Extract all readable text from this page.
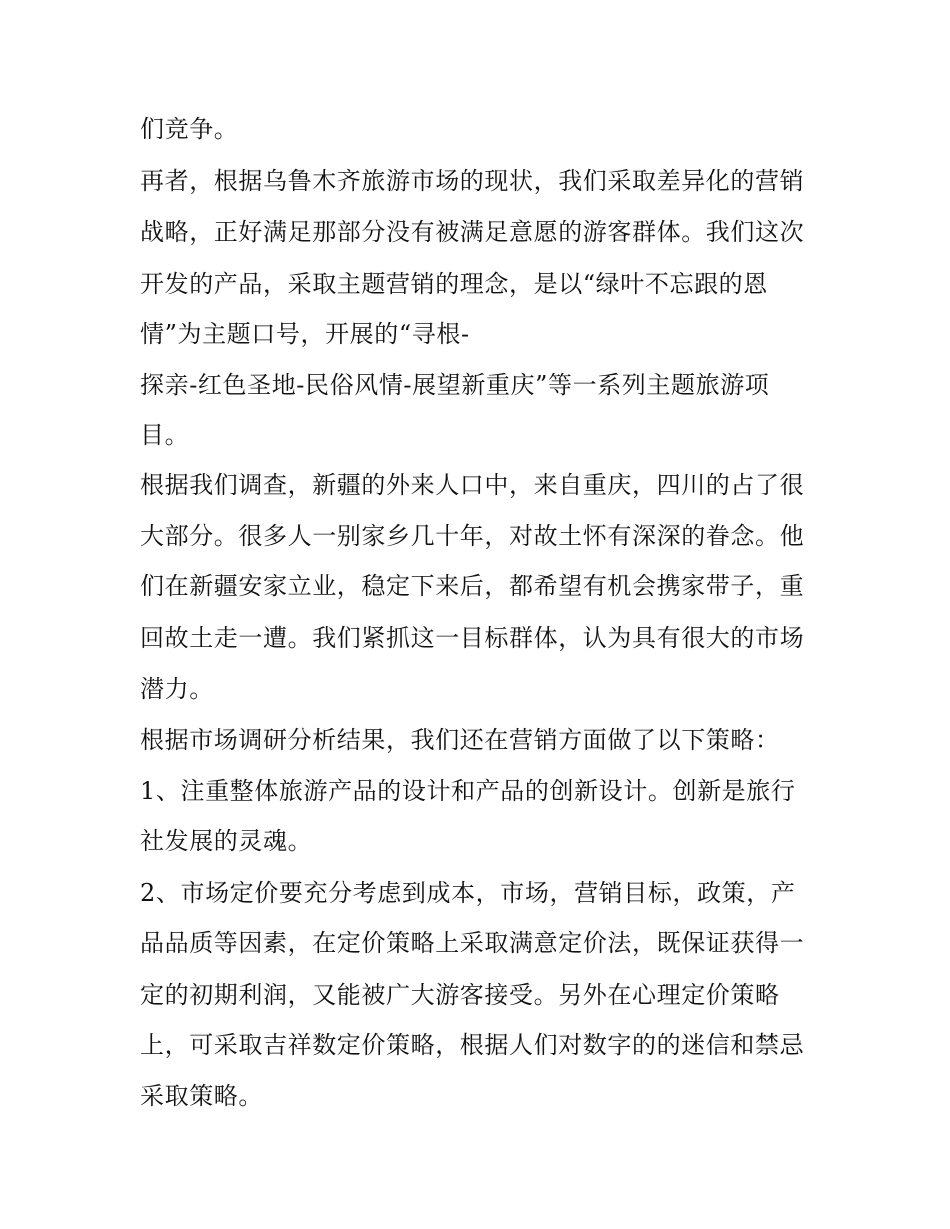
们竞争。

再者，根据乌鲁木齐旅游市场的现状，我们采取差异化的营销

战略，正好满足那部分没有被满足意愿的游客群体。我们这次

开发的产品，采取主题营销的理念，是以“绿叶不忘跟的恩

情”为主题口号，开展的“寻根-

探亲-红色圣地-民俗风情-展望新重庆”等一系列主题旅游项

目。

根据我们调查，新疆的外来人口中，来自重庆，四川的占了很

大部分。很多人一别家乡几十年，对故土怀有深深的眷念。他

们在新疆安家立业，稳定下来后，都希望有机会携家带子，重

回故土走一遭。我们紧抓这一目标群体，认为具有很大的市场

潜力。

根据市场调研分析结果，我们还在营销方面做了以下策略：

1、注重整体旅游产品的设计和产品的创新设计。创新是旅行

社发展的灵魂。

2、市场定价要充分考虑到成本，市场，营销目标，政策，产

品品质等因素，在定价策略上采取满意定价法，既保证获得一

定的初期利润，又能被广大游客接受。另外在心理定价策略

上，可采取吉祥数定价策略，根据人们对数字的的迷信和禁忌

采取策略。
